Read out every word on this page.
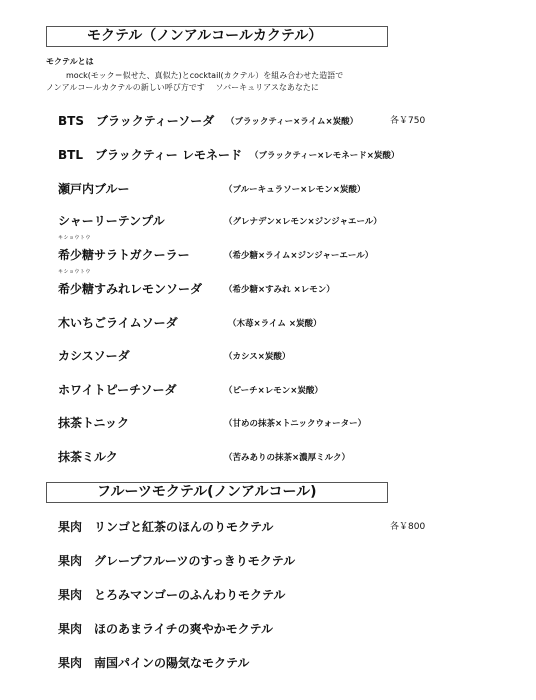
モクテル（ノンアルコールカクテル）
モクテルとは
mock(モック＝似せた、真似た)とcocktail(カクテル）を組み合わせた造語で
ノンアルコールカクテルの新しい呼び方です　 ソバーキュリアスなあなたに
BTS ブラックティーソーダ （ブラックティー×ライム×炭酸）	各￥750
BTL ブラックティー レモネード （ブラックティー×レモネード×炭酸）
瀬戸内ブルー	（ブルーキュラソー×レモン×炭酸）
シャーリーテンプル	（グレナデン×レモン×ジンジャエール）
キショウトウ
希少糖サラトガクーラー	（希少糖×ライム×ジンジャーエール）
キショウトウ
希少糖すみれレモンソーダ	（希少糖×すみれ ×レモン）
木いちごライムソーダ	（木苺×ライム ×炭酸）
カシスソーダ	（カシス×炭酸）
ホワイトピーチソーダ	（ピーチ×レモン×炭酸）
抹茶トニック	（甘めの抹茶×トニックウォーター）
抹茶ミルク	（苦みありの抹茶×濃厚ミルク）
フルーツモクテル(ノンアルコール)
果肉 リンゴと紅茶のほんのりモクテル	各￥800
果肉 グレープフルーツのすっきりモクテル
果肉 とろみマンゴーのふんわりモクテル
果肉 ほのあまライチの爽やかモクテル
果肉 南国パインの陽気なモクテル
